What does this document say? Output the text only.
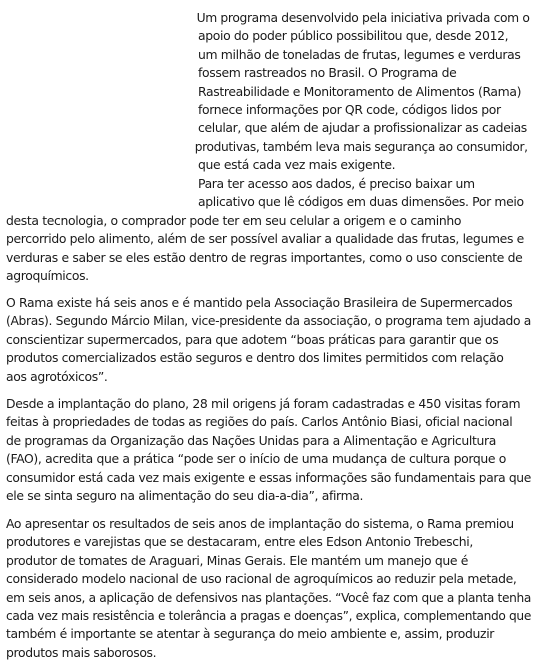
Um programa desenvolvido pela iniciativa privada com o
apoio do poder público possibilitou que, desde 2012,
um milhão de toneladas de frutas, legumes e verduras
fossem rastreados no Brasil. O Programa de
Rastreabilidade e Monitoramento de Alimentos (Rama)
fornece informações por QR code, códigos lidos por
celular, que além de ajudar a profissionalizar as cadeias
produtivas, também leva mais segurança ao consumidor,
que está cada vez mais exigente.
Para ter acesso aos dados, é preciso baixar um
aplicativo que lê códigos em duas dimensões. Por meio
desta tecnologia, o comprador pode ter em seu celular a origem e o caminho
percorrido pelo alimento, além de ser possível avaliar a qualidade das frutas, legumes e
verduras e saber se eles estão dentro de regras importantes, como o uso consciente de
agroquímicos.
O Rama existe há seis anos e é mantido pela Associação Brasileira de Supermercados
(Abras). Segundo Márcio Milan, vice-presidente da associação, o programa tem ajudado a
conscientizar supermercados, para que adotem “boas práticas para garantir que os
produtos comercializados estão seguros e dentro dos limites permitidos com relação
aos agrotóxicos”.
Desde a implantação do plano, 28 mil origens já foram cadastradas e 450 visitas foram
feitas à propriedades de todas as regiões do país. Carlos Antônio Biasi, oficial nacional
de programas da Organização das Nações Unidas para a Alimentação e Agricultura
(FAO), acredita que a prática “pode ser o início de uma mudança de cultura porque o
consumidor está cada vez mais exigente e essas informações são fundamentais para que
ele se sinta seguro na alimentação do seu dia-a-dia”, afirma.
Ao apresentar os resultados de seis anos de implantação do sistema, o Rama premiou
produtores e varejistas que se destacaram, entre eles Edson Antonio Trebeschi,
produtor de tomates de Araguari, Minas Gerais. Ele mantém um manejo que é
considerado modelo nacional de uso racional de agroquímicos ao reduzir pela metade,
em seis anos, a aplicação de defensivos nas plantações. “Você faz com que a planta tenha
cada vez mais resistência e tolerância a pragas e doenças”, explica, complementando que
também é importante se atentar à segurança do meio ambiente e, assim, produzir
produtos mais saborosos.
